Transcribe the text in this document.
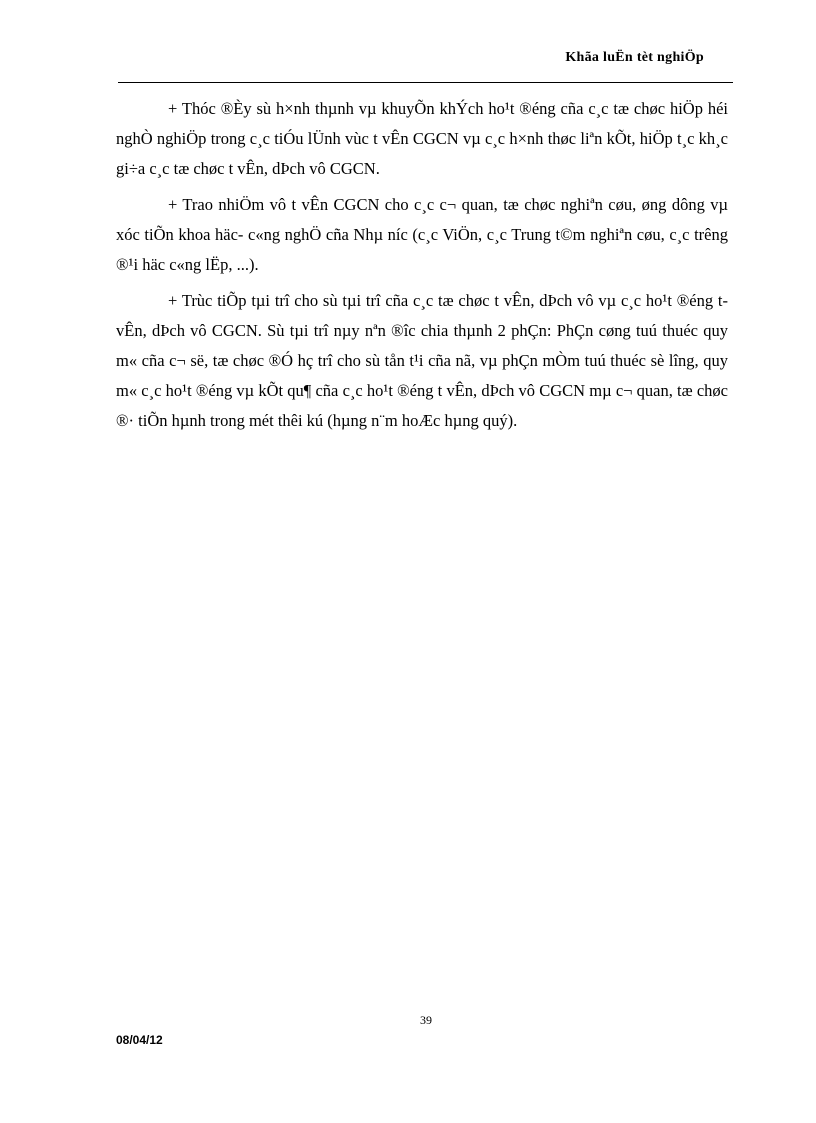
Khãa luËn tèt nghiÖp

+ Thóc ®Èy sù h×nh thµnh vµ khuyÕn khÝch ho¹t ®éng cña c¸c tæ chøc hiÖp héi nghÒ nghiÖp trong c¸c tiÓu lÜnh vùc t vÊn CGCN vµ c¸c h×nh thøc liªn kÕt, hiÖp t¸c kh¸c gi÷a c¸c tæ chøc t vÊn, dÞch vô CGCN.

+ Trao nhiÖm vô t vÊn CGCN cho c¸c c¬ quan, tæ chøc nghiªn cøu, øng dông vµ xóc tiÕn khoa häc- c«ng nghÖ cña Nhµ níc (c¸c ViÖn, c¸c Trung t©m nghiªn cøu, c¸c trêng ®¹i häc c«ng lËp, ...).

+ Trùc tiÕp tµi trî cho sù tµi trî cña c¸c tæ chøc t vÊn, dÞch vô vµ c¸c ho¹t ®éng t vÊn, dÞch vô CGCN. Sù tµi trî nµy nªn ®îc chia thµnh 2 phÇn: PhÇn cøng tuú thuéc quy m« cña c¬ së, tæ chøc ®Ó hç trî cho sù tån t¹i cña nã, vµ phÇn mÒm tuú thuéc sè lîng, quy m« c¸c ho¹t ®éng vµ kÕt qu¶ cña c¸c ho¹t ®éng t vÊn, dÞch vô CGCN mµ c¬ quan, tæ chøc ®· tiÕn hµnh trong mét thêi kú (hµng n¨m hoÆc hµng quý).

39
08/04/12
